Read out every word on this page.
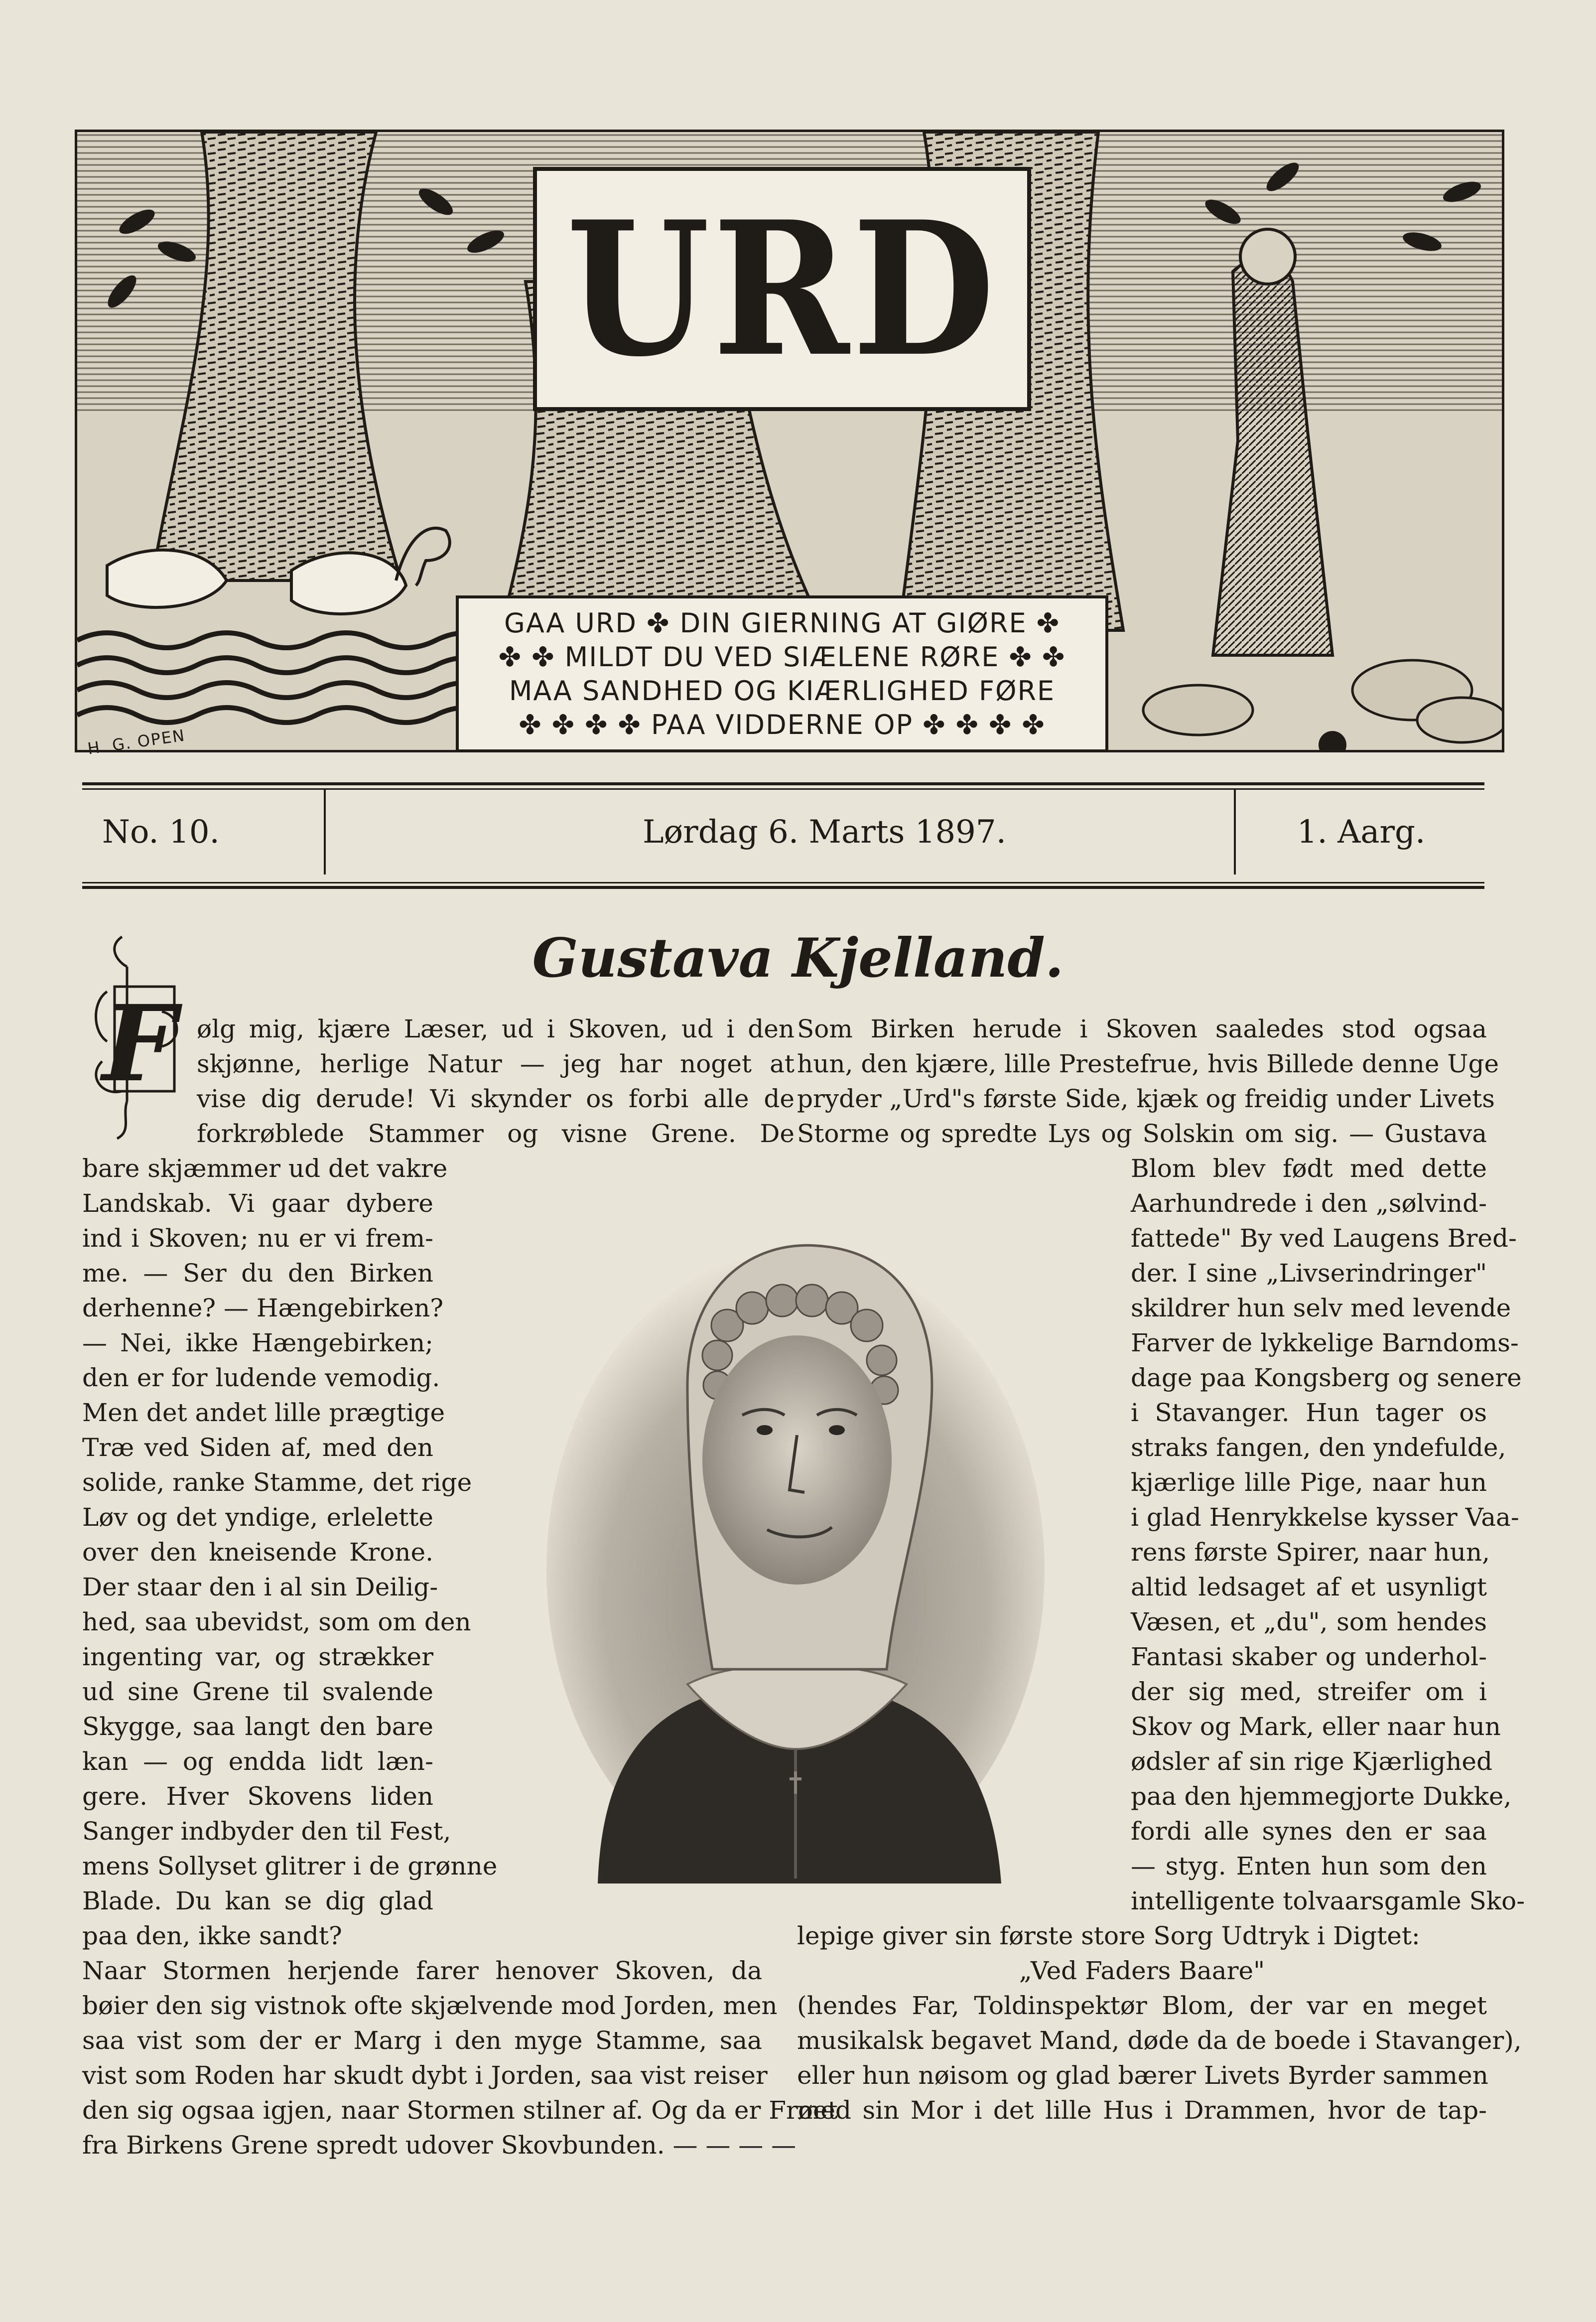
URD
GAA URD ✤ DIN GIERNING AT GIØRE ✤
✤ ✤ MILDT DU VED SIÆLENE RØRE ✤ ✤
MAA SANDHED OG KIÆRLIGHED FØRE
✤ ✤ ✤ ✤ PAA VIDDERNE OP ✤ ✤ ✤ ✤
H. G. OPEN
No. 10.	Lørdag 6. Marts 1897.	1. Aarg.
Gustava Kjelland.
F ølg mig, kjære Læser, ud i Skoven, ud i den
skjønne, herlige Natur — jeg har noget at
vise dig derude! Vi skynder os forbi alle de
forkrøblede Stammer og visne Grene. De
bare skjæmmer ud det vakre
Landskab. Vi gaar dybere
ind i Skoven; nu er vi frem-
me. — Ser du den Birken
derhenne? — Hængebirken?
— Nei, ikke Hængebirken;
den er for ludende vemodig.
Men det andet lille prægtige
Træ ved Siden af, med den
solide, ranke Stamme, det rige
Løv og det yndige, erlelette
over den kneisende Krone.
Der staar den i al sin Deilig-
hed, saa ubevidst, som om den
ingenting var, og strækker
ud sine Grene til svalende
Skygge, saa langt den bare
kan — og endda lidt læn-
gere. Hver Skovens liden
Sanger indbyder den til Fest,
mens Sollyset glitrer i de grønne
Blade. Du kan se dig glad
paa den, ikke sandt?
Naar Stormen herjende farer henover Skoven, da
bøier den sig vistnok ofte skjælvende mod Jorden, men
saa vist som der er Marg i den myge Stamme, saa
vist som Roden har skudt dybt i Jorden, saa vist reiser
den sig ogsaa igjen, naar Stormen stilner af. Og da er Frøet
fra Birkens Grene spredt udover Skovbunden. — — — —
Som Birken herude i Skoven saaledes stod ogsaa
hun, den kjære, lille Prestefrue, hvis Billede denne Uge
pryder „Urd"s første Side, kjæk og freidig under Livets
Storme og spredte Lys og Solskin om sig. — Gustava
Blom blev født med dette
Aarhundrede i den „sølvind-
fattede" By ved Laugens Bred-
der. I sine „Livserindringer"
skildrer hun selv med levende
Farver de lykkelige Barndoms-
dage paa Kongsberg og senere
i Stavanger. Hun tager os
straks fangen, den yndefulde,
kjærlige lille Pige, naar hun
i glad Henrykkelse kysser Vaa-
rens første Spirer, naar hun,
altid ledsaget af et usynligt
Væsen, et „du", som hendes
Fantasi skaber og underhol-
der sig med, streifer om i
Skov og Mark, eller naar hun
ødsler af sin rige Kjærlighed
paa den hjemmegjorte Dukke,
fordi alle synes den er saa
— styg. Enten hun som den
intelligente tolvaarsgamle Sko-
lepige giver sin første store Sorg Udtryk i Digtet:
„Ved Faders Baare"
(hendes Far, Toldinspektør Blom, der var en meget
musikalsk begavet Mand, døde da de boede i Stavanger),
eller hun nøisom og glad bærer Livets Byrder sammen
med sin Mor i det lille Hus i Drammen, hvor de tap-
